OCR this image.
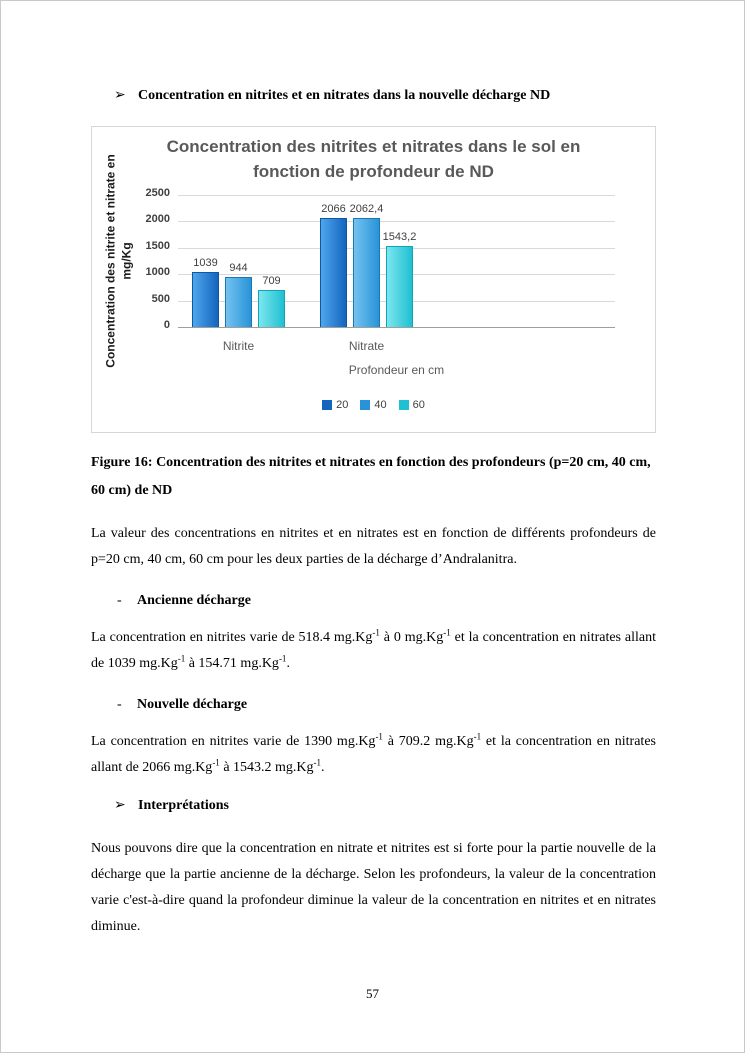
➢ Concentration en nitrites et en nitrates dans la nouvelle décharge ND
Concentration des nitrites et nitrates dans le sol en fonction de profondeur de ND
Concentration des nitrite et nitrate en mg/Kg
0
500
1000
1500
2000
2500
1039 944
709
Nitrite
2066 2062,4
1543,2
Nitrate
Profondeur en cm
20 40 60
Figure 16: Concentration des nitrites et nitrates en fonction des profondeurs (p=20 cm, 40 cm, 60 cm) de ND

La valeur des concentrations en nitrites et en nitrates est en fonction de différents profondeurs de p=20 cm, 40 cm, 60 cm pour les deux parties de la décharge d’Andralanitra.

- Ancienne décharge

La concentration en nitrites varie de 518.4 $mg.Kg^{-1}$ à 0 $mg.Kg^{-1}$ et la concentration en nitrates allant de 1039 $mg.Kg^{-1}$ à 154.71 $mg.Kg^{-1}$.

- Nouvelle décharge

La concentration en nitrites varie de 1390 $mg.Kg^{-1}$ à 709.2 $mg.Kg^{-1}$ et la concentration en nitrates allant de 2066 $mg.Kg^{-1}$ à 1543.2 $mg.Kg^{-1}$.

➢ Interprétations

Nous pouvons dire que la concentration en nitrate et nitrites est si forte pour la partie nouvelle de la décharge que la partie ancienne de la décharge. Selon les profondeurs, la valeur de la concentration varie c'est-à-dire quand la profondeur diminue la valeur de la concentration en nitrites et en nitrates diminue.

57
